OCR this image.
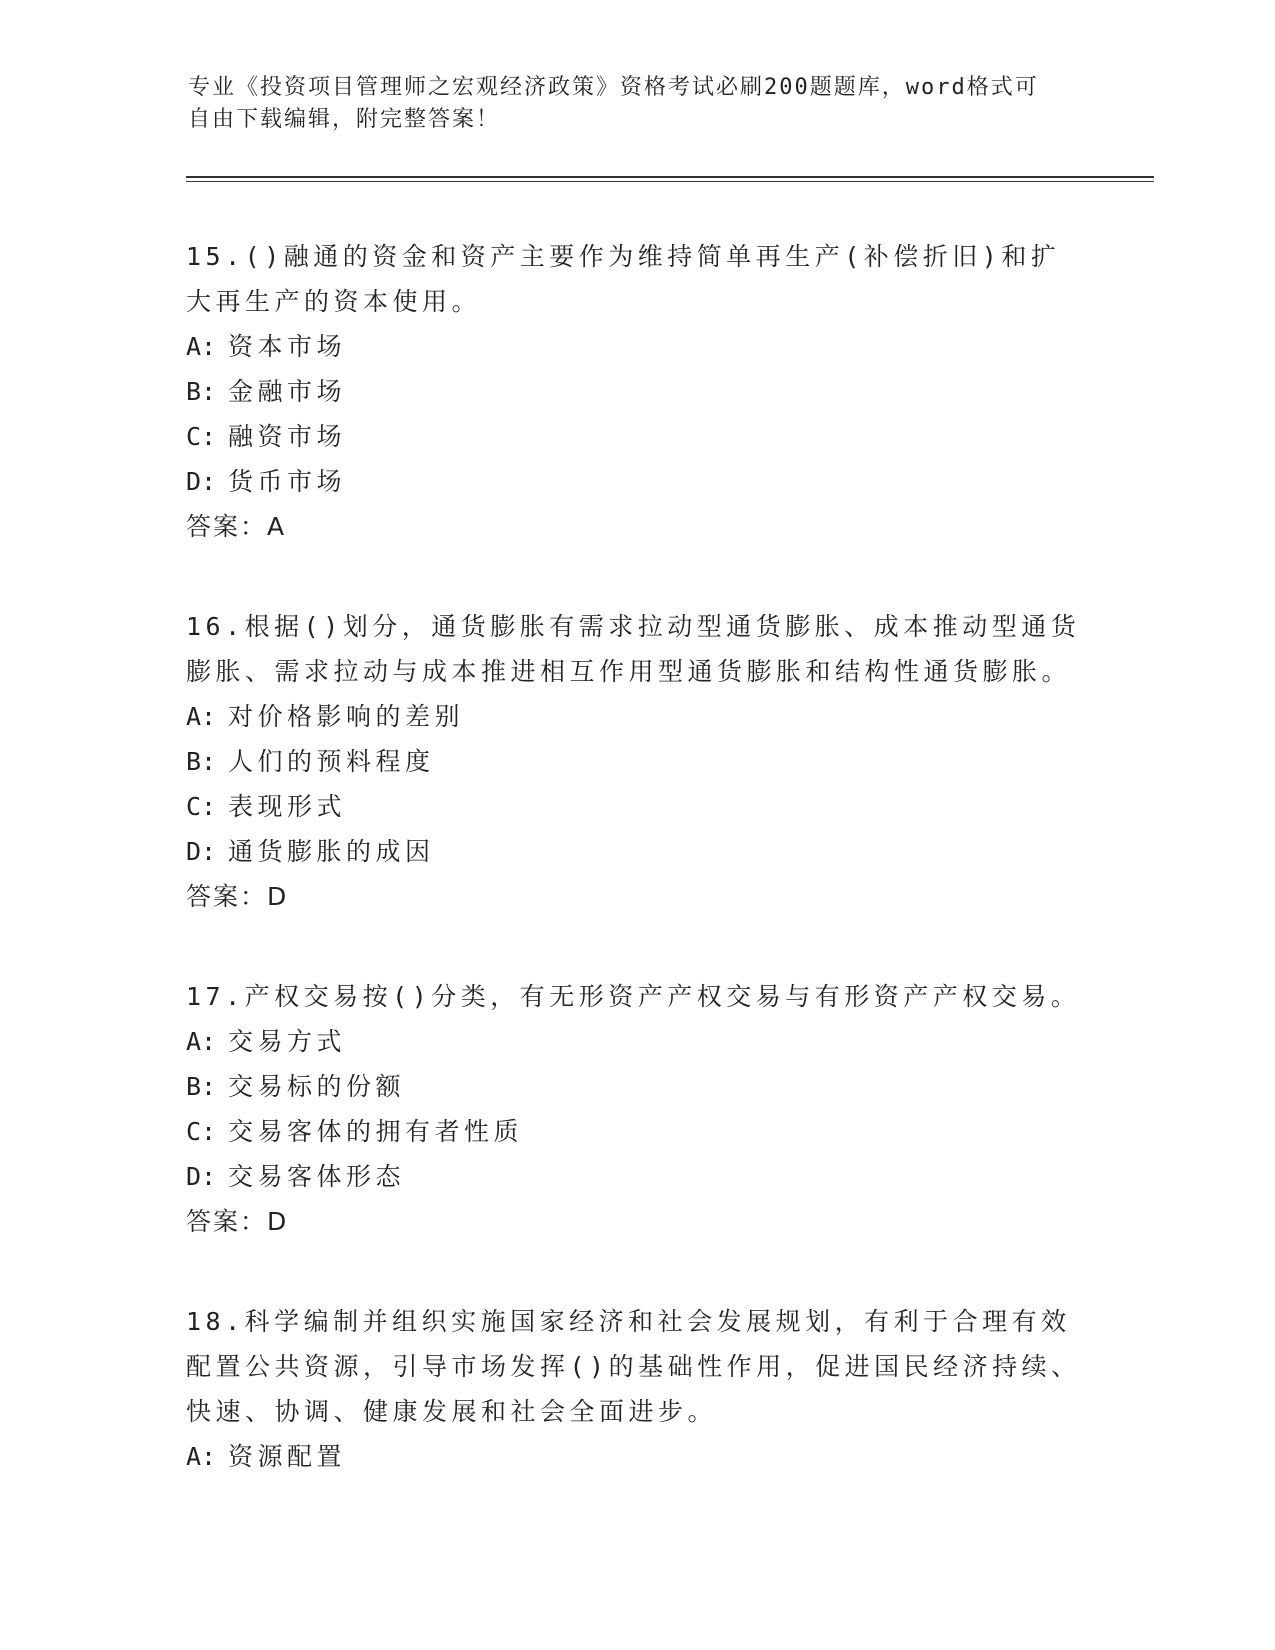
专业《投资项目管理师之宏观经济政策》资格考试必刷200题题库，word格式可
自由下载编辑，附完整答案！

15.()融通的资金和资产主要作为维持简单再生产(补偿折旧)和扩大再生产的资本使用。

A: 资本市场

B: 金融市场

C: 融资市场

D: 货币市场

答案：A

16.根据()划分，通货膨胀有需求拉动型通货膨胀、成本推动型通货膨胀、需求拉动与成本推进相互作用型通货膨胀和结构性通货膨胀。

A: 对价格影响的差别

B: 人们的预料程度

C: 表现形式

D: 通货膨胀的成因

答案：D

17.产权交易按()分类，有无形资产产权交易与有形资产产权交易。

A: 交易方式

B: 交易标的份额

C: 交易客体的拥有者性质

D: 交易客体形态

答案：D

18.科学编制并组织实施国家经济和社会发展规划，有利于合理有效配置公共资源，引导市场发挥()的基础性作用，促进国民经济持续、快速、协调、健康发展和社会全面进步。

A: 资源配置
